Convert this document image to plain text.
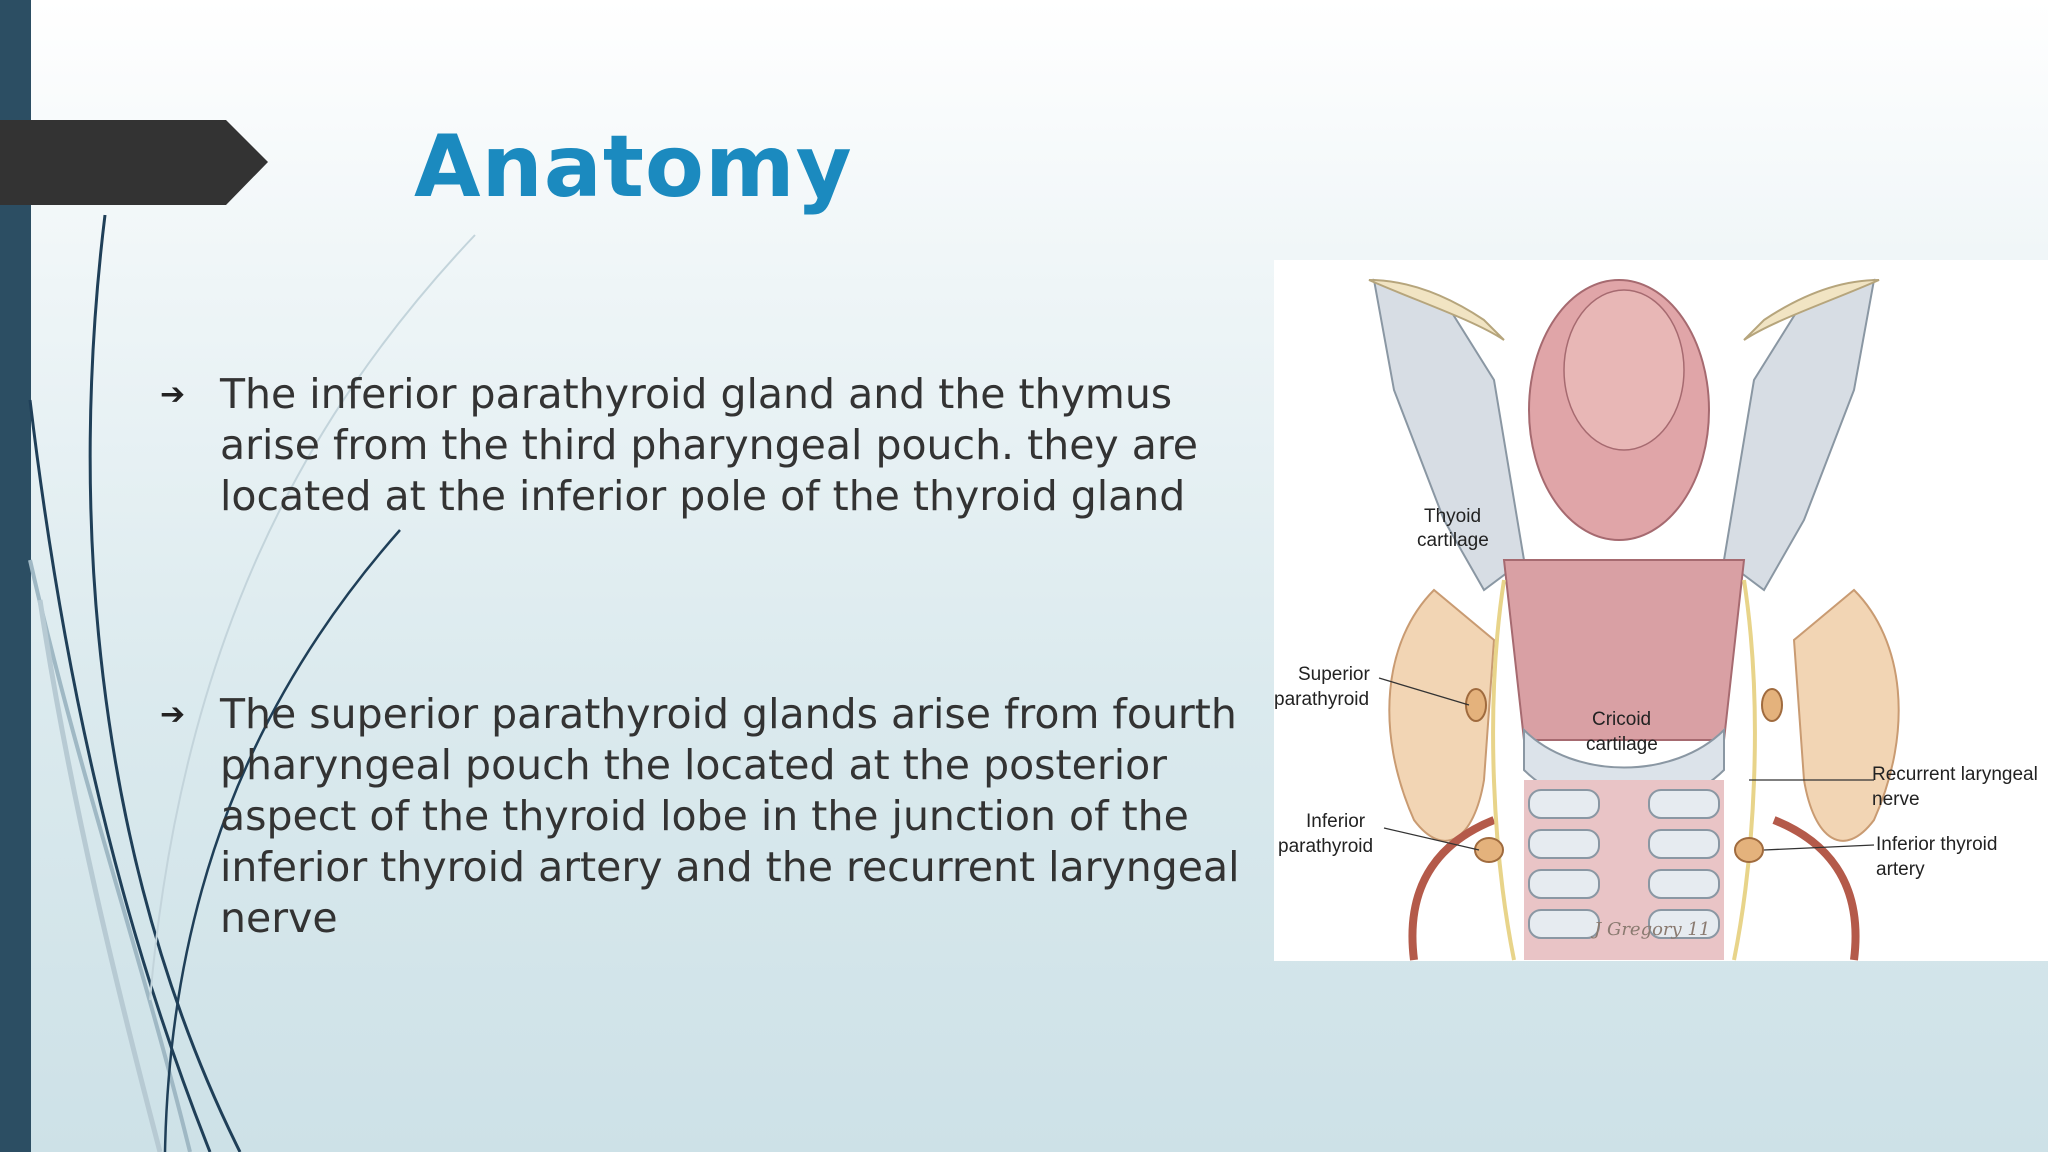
Anatomy
➔ The inferior parathyroid gland and the thymus arise from the third pharyngeal pouch. they are located at the inferior pole of the thyroid gland
➔ The superior parathyroid glands arise from fourth pharyngeal pouch the located at the posterior aspect of the thyroid lobe in the junction of the inferior thyroid artery and the recurrent laryngeal nerve
Thyoid
cartilage
Superior
parathyroid
Cricoid
cartilage
Inferior
parathyroid
Recurrent laryngeal
nerve
Inferior thyroid
artery
J Gregory 11
